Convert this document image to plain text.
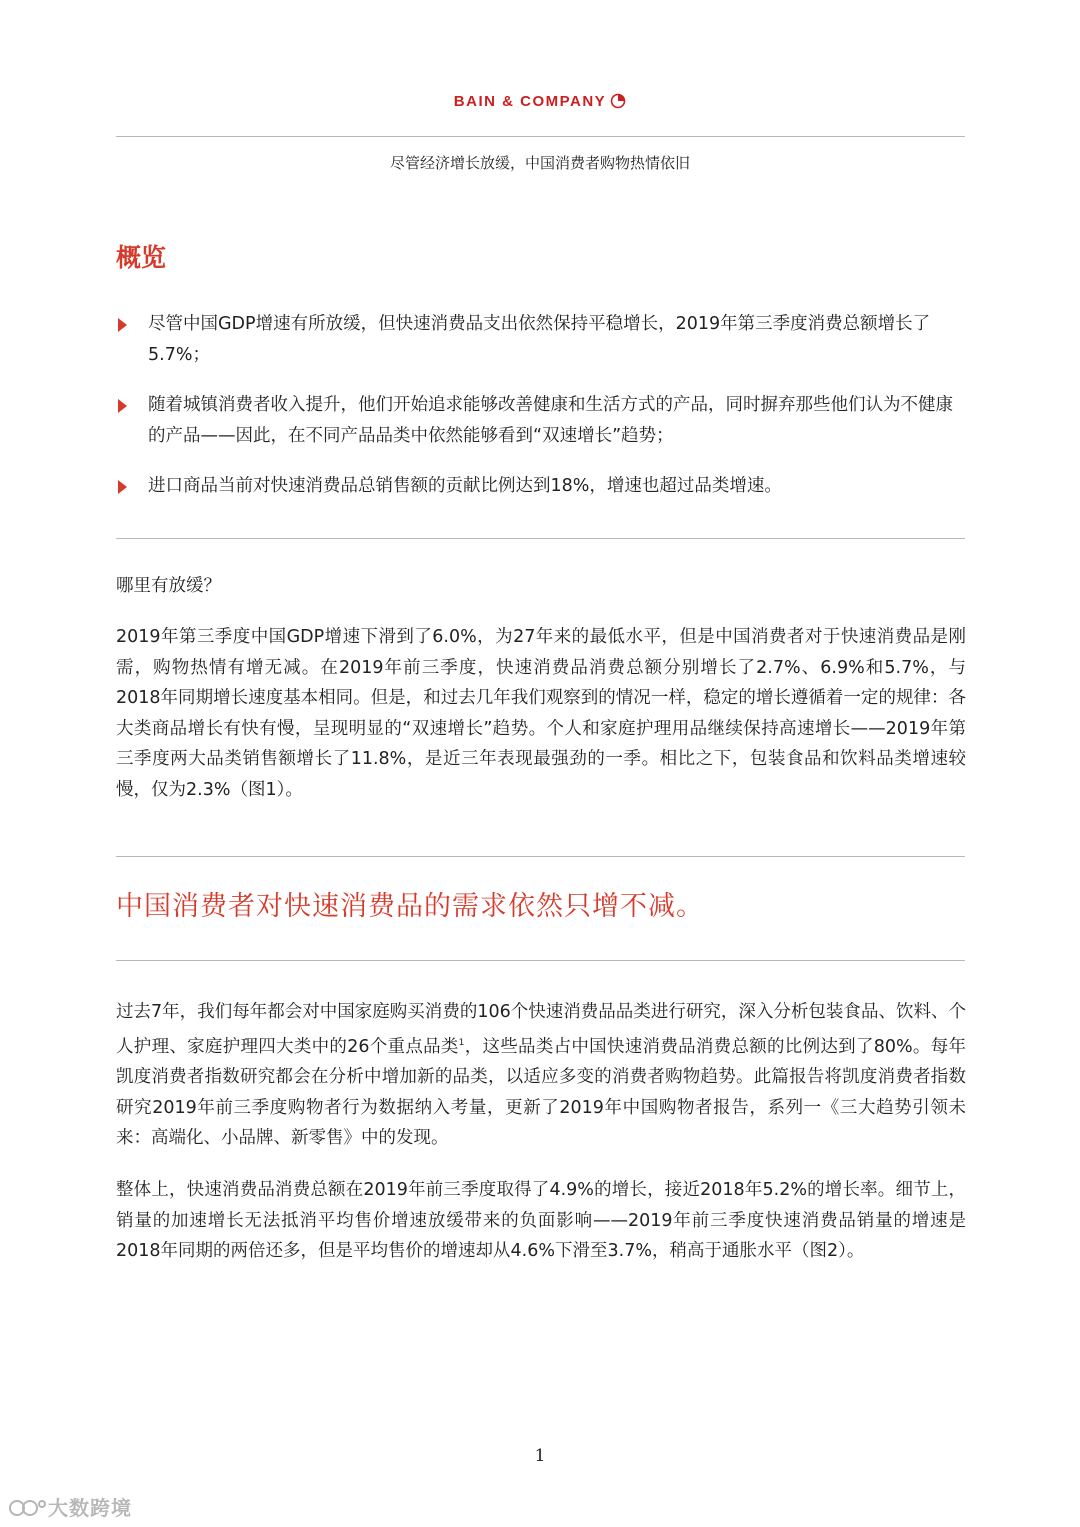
BAIN & COMPANY
尽管经济增长放缓，中国消费者购物热情依旧
概览
尽管中国GDP增速有所放缓，但快速消费品支出依然保持平稳增长，2019年第三季度消费总额增长了5.7%；
随着城镇消费者收入提升，他们开始追求能够改善健康和生活方式的产品，同时摒弃那些他们认为不健康的产品——因此，在不同产品品类中依然能够看到“双速增长”趋势；
进口商品当前对快速消费品总销售额的贡献比例达到18%，增速也超过品类增速。
哪里有放缓？

2019年第三季度中国GDP增速下滑到了6.0%，为27年来的最低水平，但是中国消费者对于快速消费品是刚需，购物热情有增无减。在2019年前三季度，快速消费品消费总额分别增长了2.7%、6.9%和5.7%，与2018年同期增长速度基本相同。但是，和过去几年我们观察到的情况一样，稳定的增长遵循着一定的规律：各大类商品增长有快有慢，呈现明显的“双速增长”趋势。个人和家庭护理用品继续保持高速增长——2019年第三季度两大品类销售额增长了11.8%，是近三年表现最强劲的一季。相比之下，包装食品和饮料品类增速较慢，仅为2.3%（图1）。

中国消费者对快速消费品的需求依然只增不减。

过去7年，我们每年都会对中国家庭购买消费的106个快速消费品品类进行研究，深入分析包装食品、饮料、个人护理、家庭护理四大类中的26个重点品类$^1$，这些品类占中国快速消费品消费总额的比例达到了80%。每年凯度消费者指数研究都会在分析中增加新的品类，以适应多变的消费者购物趋势。此篇报告将凯度消费者指数研究2019年前三季度购物者行为数据纳入考量，更新了2019年中国购物者报告，系列一《三大趋势引领未来：高端化、小品牌、新零售》中的发现。

整体上，快速消费品消费总额在2019年前三季度取得了4.9%的增长，接近2018年5.2%的增长率。细节上，销量的加速增长无法抵消平均售价增速放缓带来的负面影响——2019年前三季度快速消费品销量的增速是2018年同期的两倍还多，但是平均售价的增速却从4.6%下滑至3.7%，稍高于通胀水平（图2）。

1
大数跨境
